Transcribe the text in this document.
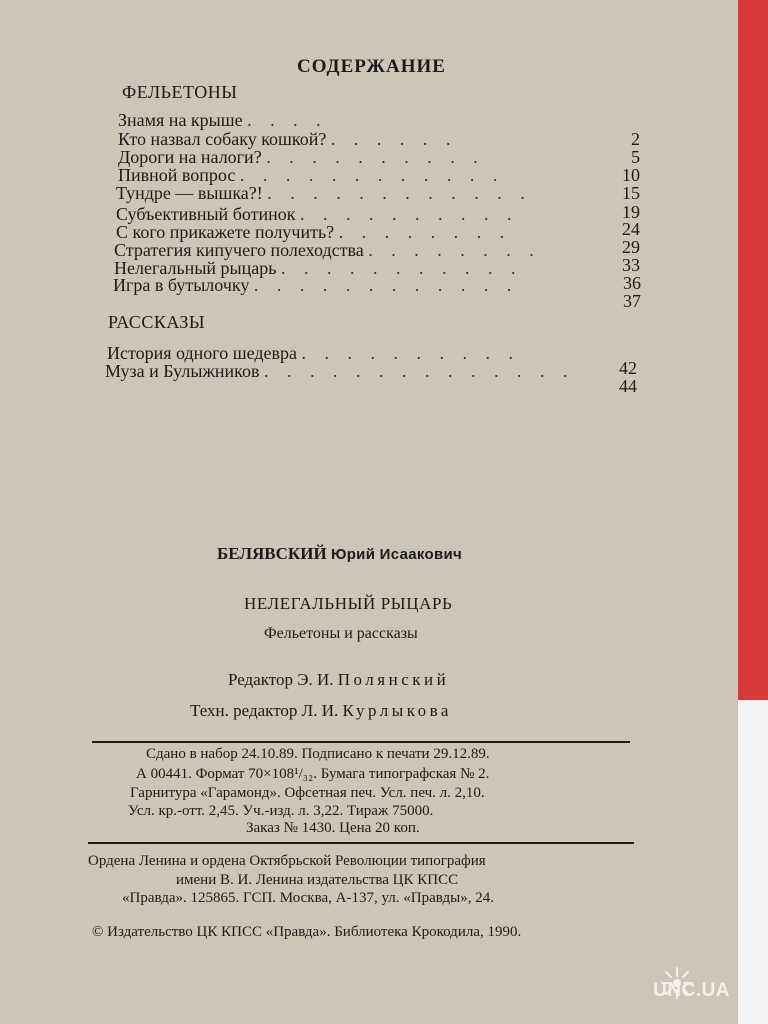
СОДЕРЖАНИЕ
ФЕЛЬЕТОНЫ
Знамя на крыше . . . .
Кто назвал собаку кошкой? . . . . . .
Дороги на налоги? . . . . . . . . . .
Пивной вопрос . . . . . . . . . . . .
Тундре — вышка?! . . . . . . . . . . . .
Субъективный ботинок . . . . . . . . . .
С кого прикажете получить? . . . . . . . .
Стратегия кипучего полеходства . . . . . . . .
Нелегальный рыцарь . . . . . . . . . . .
Игра в бутылочку . . . . . . . . . . . .
2
5
10
15
19
24
29
33
36
37
РАССКАЗЫ
История одного шедевра . . . . . . . . . .
Муза и Булыжников . . . . . . . . . . . . . .	42
44
БЕЛЯВСКИЙ Юрий Исаакович
НЕЛЕГАЛЬНЫЙ РЫЦАРЬ
Фельетоны и рассказы
Редактор Э. И. Полянский
Техн. редактор Л. И. Курлыкова
Сдано в набор 24.10.89. Подписано к печати 29.12.89.
А 00441. Формат 70×108¹/₃₂. Бумага типографская № 2.
Гарнитура «Гарамонд». Офсетная печ. Усл. печ. л. 2,10.
Усл. кр.-отт. 2,45. Уч.-изд. л. 3,22. Тираж 75000.
Заказ № 1430. Цена 20 коп.
Ордена Ленина и ордена Октябрьской Революции типография
имени В. И. Ленина издательства ЦК КПСС
«Правда». 125865. ГСП. Москва, А-137, ул. «Правды», 24.
© Издательство ЦК КПСС «Правда». Библиотека Крокодила, 1990.
UNC.UA
